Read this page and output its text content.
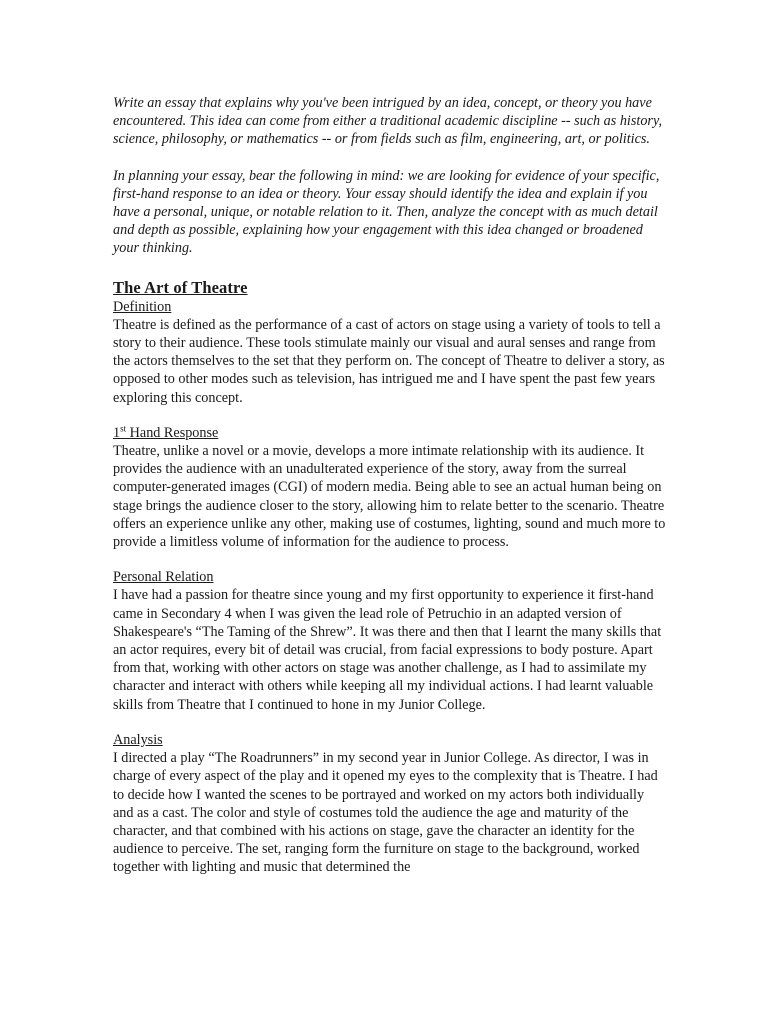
Write an essay that explains why you've been intrigued by an idea, concept, or theory you have encountered. This idea can come from either a traditional academic discipline -- such as history, science, philosophy, or mathematics -- or from fields such as film, engineering, art, or politics.

In planning your essay, bear the following in mind: we are looking for evidence of your specific, first-hand response to an idea or theory. Your essay should identify the idea and explain if you have a personal, unique, or notable relation to it. Then, analyze the concept with as much detail and depth as possible, explaining how your engagement with this idea changed or broadened your thinking.

The Art of Theatre
Definition

Theatre is defined as the performance of a cast of actors on stage using a variety of tools to tell a story to their audience. These tools stimulate mainly our visual and aural senses and range from the actors themselves to the set that they perform on. The concept of Theatre to deliver a story, as opposed to other modes such as television, has intrigued me and I have spent the past few years exploring this concept.

1st Hand Response

Theatre, unlike a novel or a movie, develops a more intimate relationship with its audience. It provides the audience with an unadulterated experience of the story, away from the surreal computer-generated images (CGI) of modern media. Being able to see an actual human being on stage brings the audience closer to the story, allowing him to relate better to the scenario. Theatre offers an experience unlike any other, making use of costumes, lighting, sound and much more to provide a limitless volume of information for the audience to process.

Personal Relation

I have had a passion for theatre since young and my first opportunity to experience it first-hand came in Secondary 4 when I was given the lead role of Petruchio in an adapted version of Shakespeare's “The Taming of the Shrew”. It was there and then that I learnt the many skills that an actor requires, every bit of detail was crucial, from facial expressions to body posture. Apart from that, working with other actors on stage was another challenge, as I had to assimilate my character and interact with others while keeping all my individual actions. I had learnt valuable skills from Theatre that I continued to hone in my Junior College.

Analysis

I directed a play “The Roadrunners” in my second year in Junior College. As director, I was in charge of every aspect of the play and it opened my eyes to the complexity that is Theatre. I had to decide how I wanted the scenes to be portrayed and worked on my actors both individually and as a cast. The color and style of costumes told the audience the age and maturity of the character, and that combined with his actions on stage, gave the character an identity for the audience to perceive. The set, ranging form the furniture on stage to the background, worked together with lighting and music that determined the
